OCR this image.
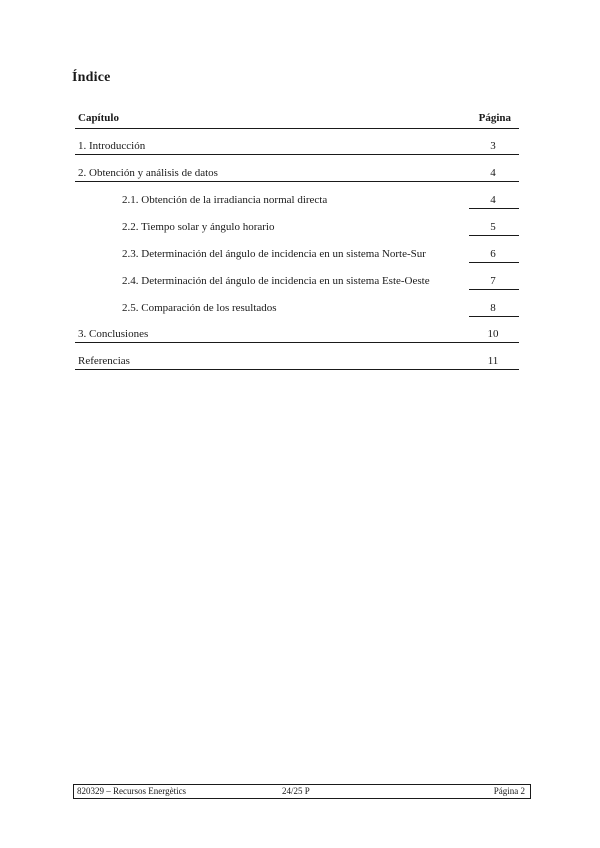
Índice
Capítulo	Página
1. Introducción	3
2. Obtención y análisis de datos	4
2.1. Obtención de la irradiancia normal directa	4
2.2. Tiempo solar y ángulo horario	5
2.3. Determinación del ángulo de incidencia en un sistema Norte-Sur	6
2.4. Determinación del ángulo de incidencia en un sistema Este-Oeste	7
2.5. Comparación de los resultados	8
3. Conclusiones	10
Referencias	11
820329 – Recursos Energètics	24/25 P	Página 2
